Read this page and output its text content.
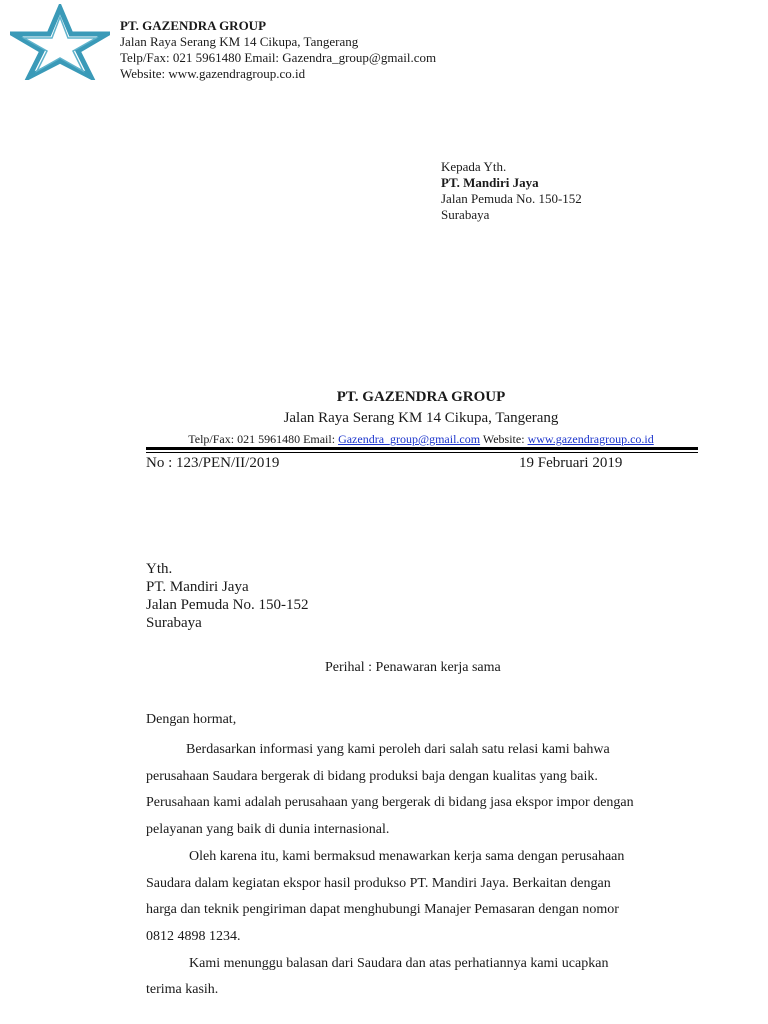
PT. GAZENDRA GROUP
Jalan Raya Serang KM 14 Cikupa, Tangerang
Telp/Fax: 021 5961480 Email: Gazendra_group@gmail.com
Website: www.gazendragroup.co.id
Kepada Yth.
PT. Mandiri Jaya
Jalan Pemuda No. 150-152
Surabaya
PT. GAZENDRA GROUP
Jalan Raya Serang KM 14 Cikupa, Tangerang
Telp/Fax: 021 5961480 Email: Gazendra_group@gmail.com Website: www.gazendragroup.co.id
No : 123/PEN/II/2019	19 Februari 2019
Yth.
PT. Mandiri Jaya
Jalan Pemuda No. 150-152
Surabaya
Perihal : Penawaran kerja sama

Dengan hormat,

Berdasarkan informasi yang kami peroleh dari salah satu relasi kami bahwa
perusahaan Saudara bergerak di bidang produksi baja dengan kualitas yang baik.
Perusahaan kami adalah perusahaan yang bergerak di bidang jasa ekspor impor dengan
pelayanan yang baik di dunia internasional.
Oleh karena itu, kami bermaksud menawarkan kerja sama dengan perusahaan
Saudara dalam kegiatan ekspor hasil produkso PT. Mandiri Jaya. Berkaitan dengan
harga dan teknik pengiriman dapat menghubungi Manajer Pemasaran dengan nomor
0812 4898 1234.
Kami menunggu balasan dari Saudara dan atas perhatiannya kami ucapkan
terima kasih.
